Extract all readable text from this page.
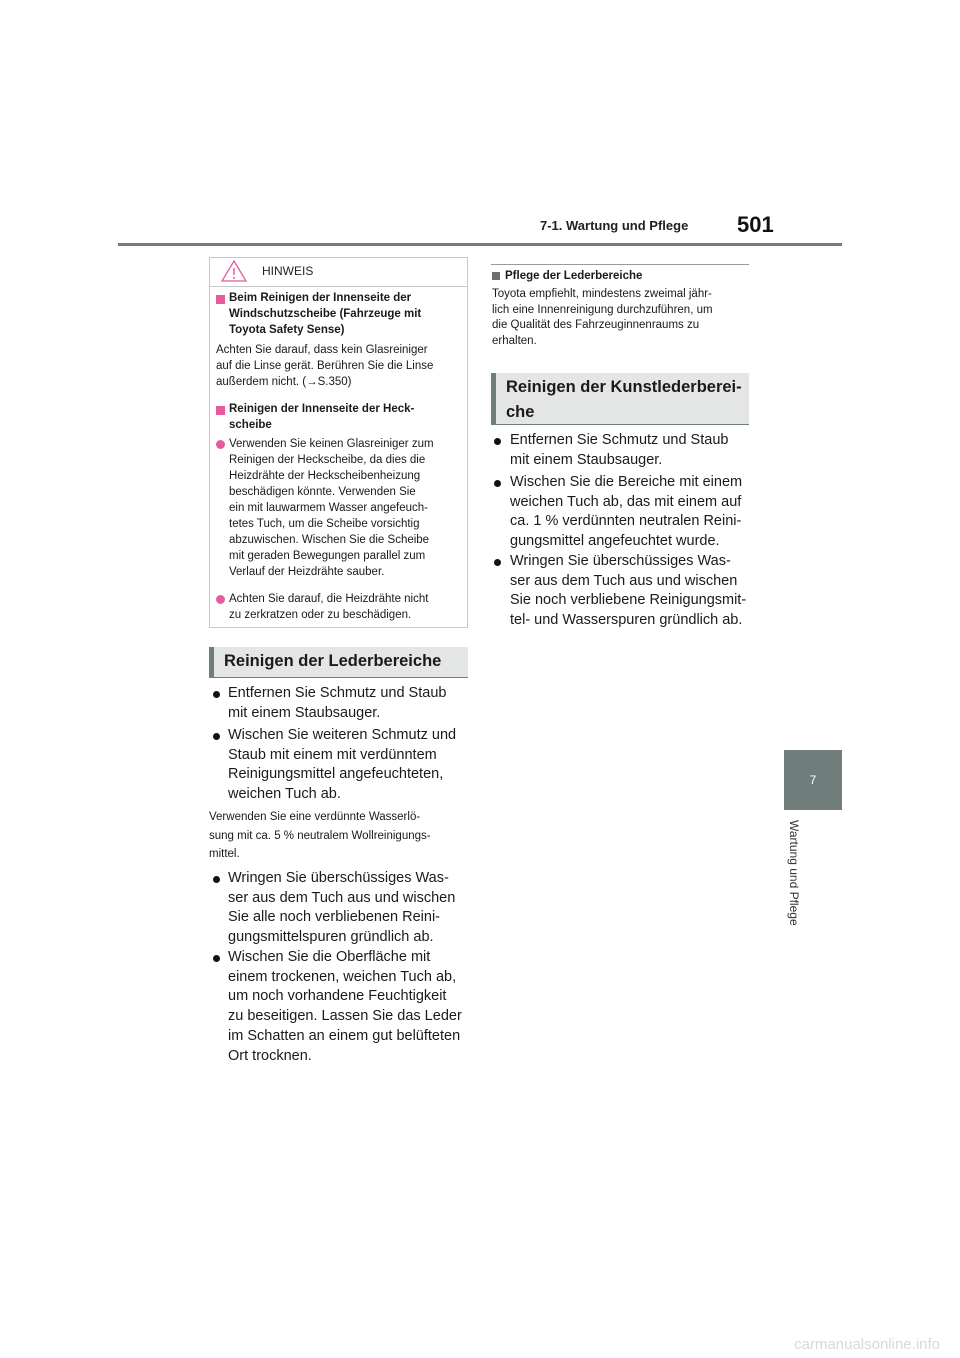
7-1. Wartung und Pflege 501
7
Wartung und Pflege
HINWEIS
Beim Reinigen der Innenseite der
Windschutzscheibe (Fahrzeuge mit
Toyota Safety Sense)
Achten Sie darauf, dass kein Glasreiniger
auf die Linse gerät. Berühren Sie die Linse
außerdem nicht. (→S.350)
Reinigen der Innenseite der Heck-
scheibe
Verwenden Sie keinen Glasreiniger zum
Reinigen der Heckscheibe, da dies die
Heizdrähte der Heckscheibenheizung
beschädigen könnte. Verwenden Sie
ein mit lauwarmem Wasser angefeuch-
tetes Tuch, um die Scheibe vorsichtig
abzuwischen. Wischen Sie die Scheibe
mit geraden Bewegungen parallel zum
Verlauf der Heizdrähte sauber.
Achten Sie darauf, die Heizdrähte nicht
zu zerkratzen oder zu beschädigen.
Reinigen der Lederbereiche
Entfernen Sie Schmutz und Staub
mit einem Staubsauger.
Wischen Sie weiteren Schmutz und
Staub mit einem mit verdünntem
Reinigungsmittel angefeuchteten,
weichen Tuch ab.
Verwenden Sie eine verdünnte Wasserlö-
sung mit ca. 5 % neutralem Wollreinigungs-
mittel.
Wringen Sie überschüssiges Was-
ser aus dem Tuch aus und wischen
Sie alle noch verbliebenen Reini-
gungsmittelspuren gründlich ab.
Wischen Sie die Oberfläche mit
einem trockenen, weichen Tuch ab,
um noch vorhandene Feuchtigkeit
zu beseitigen. Lassen Sie das Leder
im Schatten an einem gut belüfteten
Ort trocknen.
Pflege der Lederbereiche
Toyota empfiehlt, mindestens zweimal jähr-
lich eine Innenreinigung durchzuführen, um
die Qualität des Fahrzeuginnenraums zu
erhalten.
Reinigen der Kunstlederberei-
che
Entfernen Sie Schmutz und Staub
mit einem Staubsauger.
Wischen Sie die Bereiche mit einem
weichen Tuch ab, das mit einem auf
ca. 1 % verdünnten neutralen Reini-
gungsmittel angefeuchtet wurde.
Wringen Sie überschüssiges Was-
ser aus dem Tuch aus und wischen
Sie noch verbliebene Reinigungsmit-
tel- und Wasserspuren gründlich ab.
carmanualsonline.info
